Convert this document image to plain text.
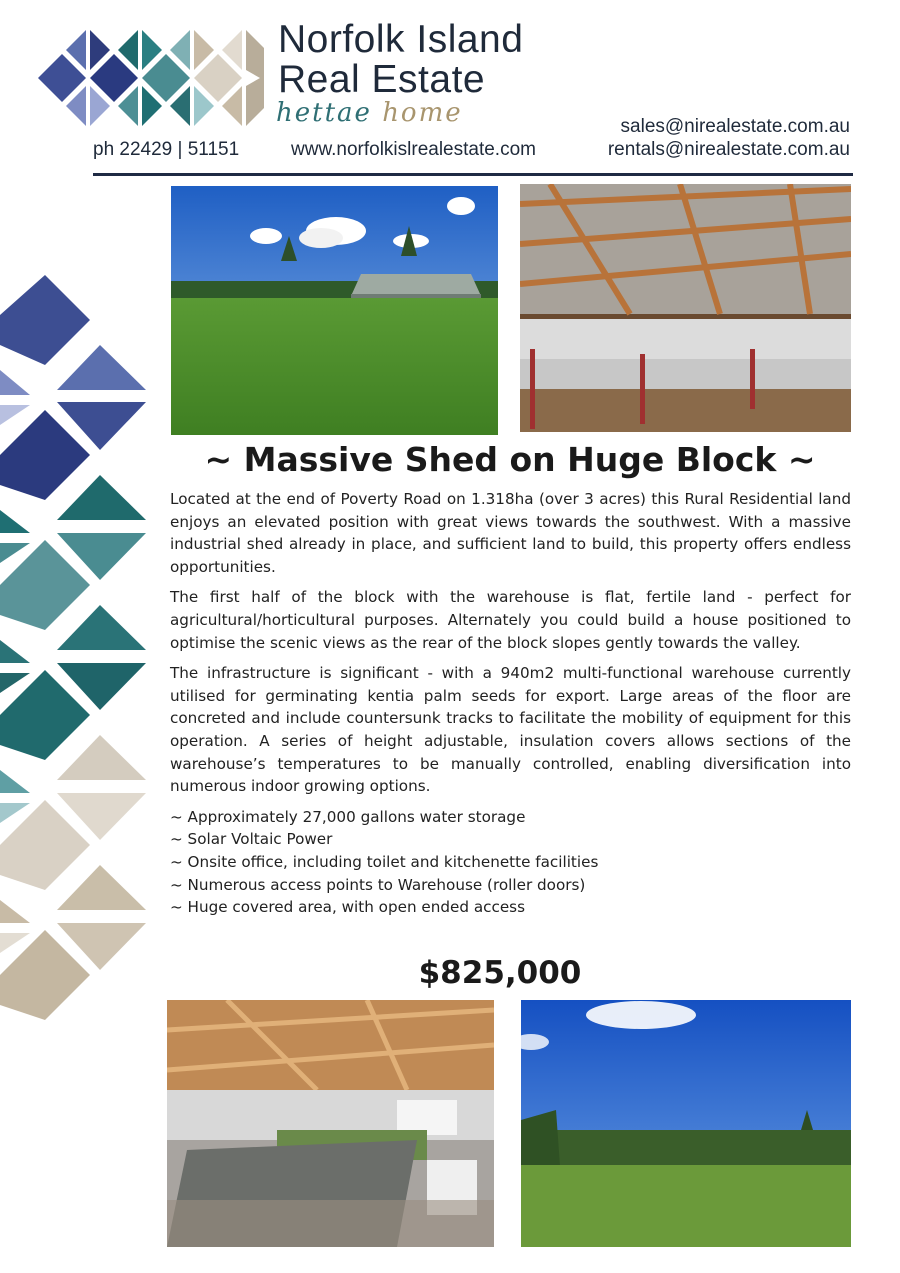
Norfolk Island
Real Estate
hettae home
ph 22429 | 51151	www.norfolkislrealestate.com
sales@nirealestate.com.au
rentals@nirealestate.com.au
~ Massive Shed on Huge Block ~

Located at the end of Poverty Road on 1.318ha (over 3 acres) this Rural Residential land enjoys an elevated position with great views towards the southwest. With a massive industrial shed already in place, and sufficient land to build, this property offers endless opportunities.

The first half of the block with the warehouse is flat, fertile land - perfect for agricultural/horticultural purposes. Alternately you could build a house positioned to optimise the scenic views as the rear of the block slopes gently towards the valley.

The infrastructure is significant - with a 940m2 multi-functional warehouse currently utilised for germinating kentia palm seeds for export. Large areas of the floor are concreted and include countersunk tracks to facilitate the mobility of equipment for this operation. A series of height adjustable, insulation covers allows sections of the warehouse’s temperatures to be manually controlled, enabling diversification into numerous indoor growing options.

~ Approximately 27,000 gallons water storage
~ Solar Voltaic Power
~ Onsite office, including toilet and kitchenette facilities
~ Numerous access points to Warehouse (roller doors)
~ Huge covered area, with open ended access
$825,000
